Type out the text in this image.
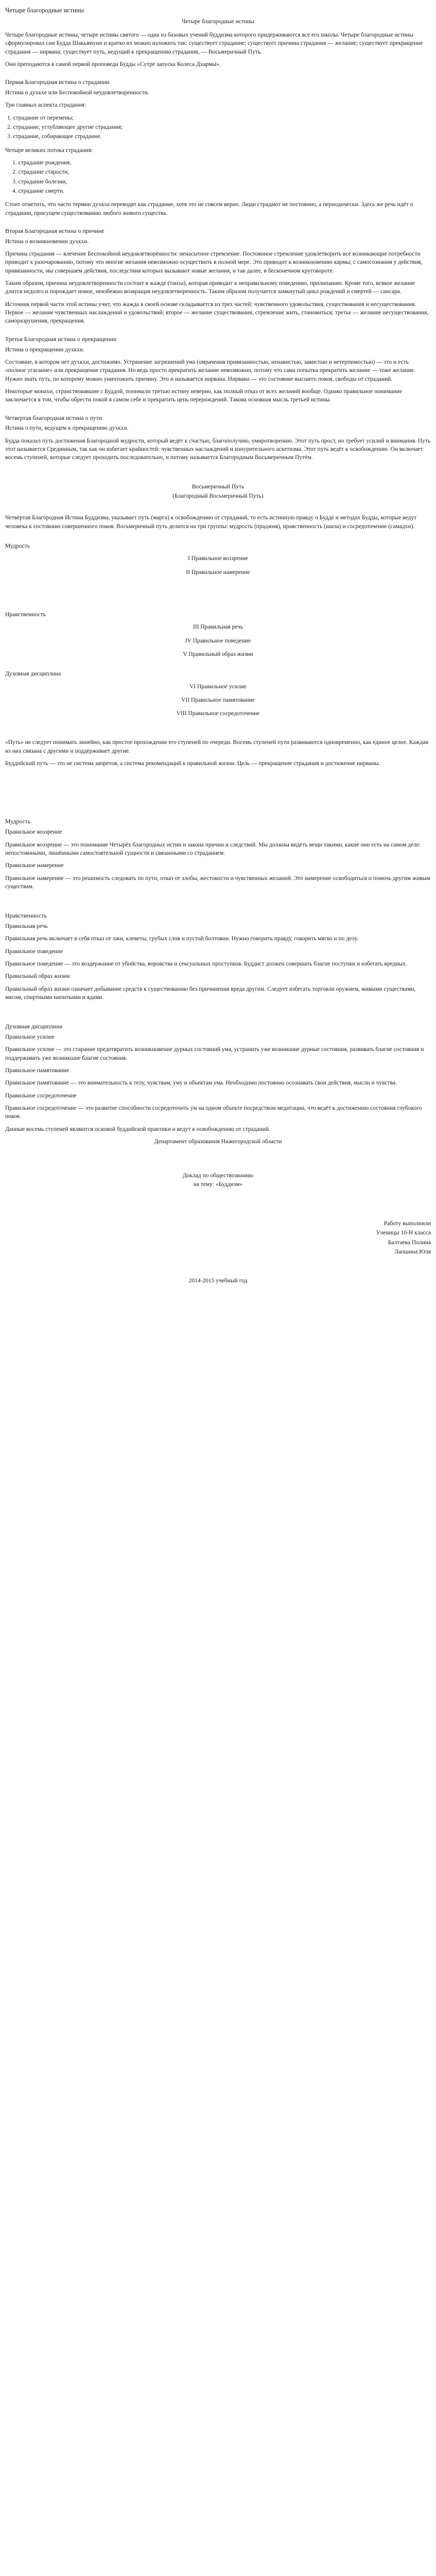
Четыре благородные истины
Четыре благородные истины

Четыре благородные истины, четыре истины святого — одна из базовых учений буддизма которого придерживаются все его школы. Четыре благородные истины сформулировал сам Будда Шакьямуни и кратко их можно изложить так: существует страдание; существует причина страдания — желание; существует прекращение страдания — нирвана; существует путь, ведущий к прекращению страдания, — Восьмеричный Путь.

Они преподаются в самой первой проповеди Будды «Сутре запуска Колеса Дхармы».

Первая Благородная истина о страдании

Истина о духкхе или Беспокойной неудовлетворенности.

Три главных аспекта страдания:

1. страдание от перемены;
2. страдание, углубляющее другие страдания;
3. страдание, собирающее страдание.

Четыре великих потока страдания:

1. страдание рождения,
2. страдание старости,
3. страдание болезни,
4. страдание смерти.

Стоит отметить, что часто термин духкха переводят как страдание, хотя это не совсем верно. Люди страдают не постоянно, а периодически. Здесь же речь идёт о страдании, присущем существованию любого живого существа.

Вторая Благородная истина о причине

Истина о возникновении духкхи.

Причина страдания — влечение Беспокойной неудовлетворённости: ненасытное стремление. Постоянное стремление удовлетворить все возникающие потребности приводит к разочарованию, потому что многие желания невозможно осуществить в полной мере. Это приводит к возникновению кармы; с самосознания у действия, привязанности, мы совершаем действия, последствия которых вызывают новые желания, и так далее, в бесконечном круговороте.

Таким образом, причина неудовлетворенности состоит в жажде (танха), которая приводит к неправильному поведению, прилипанию. Кроме того, всякое желание длится недолго и порождает новое, неизбежно возвращая неудовлетворенность. Таким образом получается замкнутый цикл рождений и смертей — сансара.

Источник первой части этой истины учит, что жажда в своей основе складывается из трех частей: чувственного удовольствия, существования и несуществования. Первое — желание чувственных наслаждений и удовольствий; второе — желание существования, стремление жить, становиться; третье — желание несуществования, саморазрушения, прекращения.

Третья Благородная истина о прекращении

Истина о прекращении духкхи.

Состояние, в котором нет духкхи, достижимо. Устранение загрязнений ума (омрачения привязанностью, ненавистью, завистью и нетерпимостью) — это и есть «полное угасание» или прекращение страдания. Но ведь просто прекратить желание невозможно, потому что сама попытка прекратить желание — тоже желание. Нужно знать путь, по которому можно уничтожить причину. Это и называется нирвана. Нирвана — это состояние высшего покоя, свободы от страданий.

Некоторые монахи, странствовавшие с Буддой, понимали третью истину неверно, как полный отказ от всех желаний вообще. Однако правильное понимание заключается в том, чтобы обрести покой в самом себе и прекратить цепь перерождений. Такова основная мысль третьей истины.

Четвертая благородная истина о пути

Истина о пути, ведущем к прекращению духкхи.

Будда показал путь достижения Благородной мудрости, который ведёт к счастью, благополучию, умиротворению. Этот путь прост, но требует усилий и внимания. Путь этот называется Срединным, так как он избегает крайностей: чувственных наслаждений и изнурительного аскетизма. Этот путь ведёт к освобождению. Он включает восемь ступеней, которые следует проходить последовательно, и потому называется Благородным Восьмеричным Путём.

Восьмеричный Путь
(Благородный Восьмеричный Путь)

Четвёртая Благородная Истина Буддизма, указывает путь (марга) к освобождению от страданий, то есть истинную правду о Будде и методах Будды, которые ведут человека к состоянию совершенного покоя. Восьмеричный путь делится на три группы: мудрость (праджня), нравственность (шила) и сосредоточение (самадхи).

Мудрость
I Правильное воззрение
II Правильное намерение
Нравственность
III Правильная речь
IV Правильное поведение
V Правильный образ жизни
Духовная дисциплина
VI Правильное усилие
VII Правильное памятование
VIII Правильное сосредоточение

«Путь» не следует понимать линейно, как простое прохождение его ступеней по очереди. Восемь ступеней пути развиваются одновременно, как единое целое. Каждая из них связана с другими и поддерживает другие.

Буддийский путь — это не система запретов, а система рекомендаций к правильной жизни. Цель — прекращение страдания и достижение нирваны.

Мудрость

Правильное воззрение

Правильное воззрение — это понимание Четырёх благородных истин и закона причин и следствий. Мы должны видеть вещи такими, какие они есть на самом деле: непостоянными, лишёнными самостоятельной сущности и связанными со страданием.

Правильное намерение

Правильное намерение — это решимость следовать по пути, отказ от злобы, жестокости и чувственных желаний. Это намерение освободиться и помочь другим живым существам.

Нравственность

Правильная речь

Правильная речь включает в себя отказ от лжи, клеветы, грубых слов и пустой болтовни. Нужно говорить правду, говорить мягко и по делу.

Правильное поведение

Правильное поведение — это воздержание от убийства, воровства и сексуальных проступков. Буддист должен совершать благие поступки и избегать вредных.

Правильный образ жизни

Правильный образ жизни означает добывание средств к существованию без причинения вреда другим. Следует избегать торговли оружием, живыми существами, мясом, спиртными напитками и ядами.

Духовная дисциплина

Правильное усилие

Правильное усилие — это старание предотвратить возникновение дурных состояний ума, устранить уже возникшие дурные состояния, развивать благие состояния и поддерживать уже возникшие благие состояния.

Правильное памятование

Правильное памятование — это внимательность к телу, чувствам, уму и объектам ума. Необходимо постоянно осознавать свои действия, мысли и чувства.

Правильное сосредоточение

Правильное сосредоточение — это развитие способности сосредоточить ум на одном объекте посредством медитации, что ведёт к достижению состояния глубокого покоя.

Данные восемь ступеней являются основой буддийской практики и ведут к освобождению от страданий.

Департамент образования Нижегородской области

Доклад по обществознанию
на тему: «Буддизм»
Работу выполнили
Ученицы 10-Н класса
Балтаева Полина
Лапшина Юля
2014-2015 учебный год
